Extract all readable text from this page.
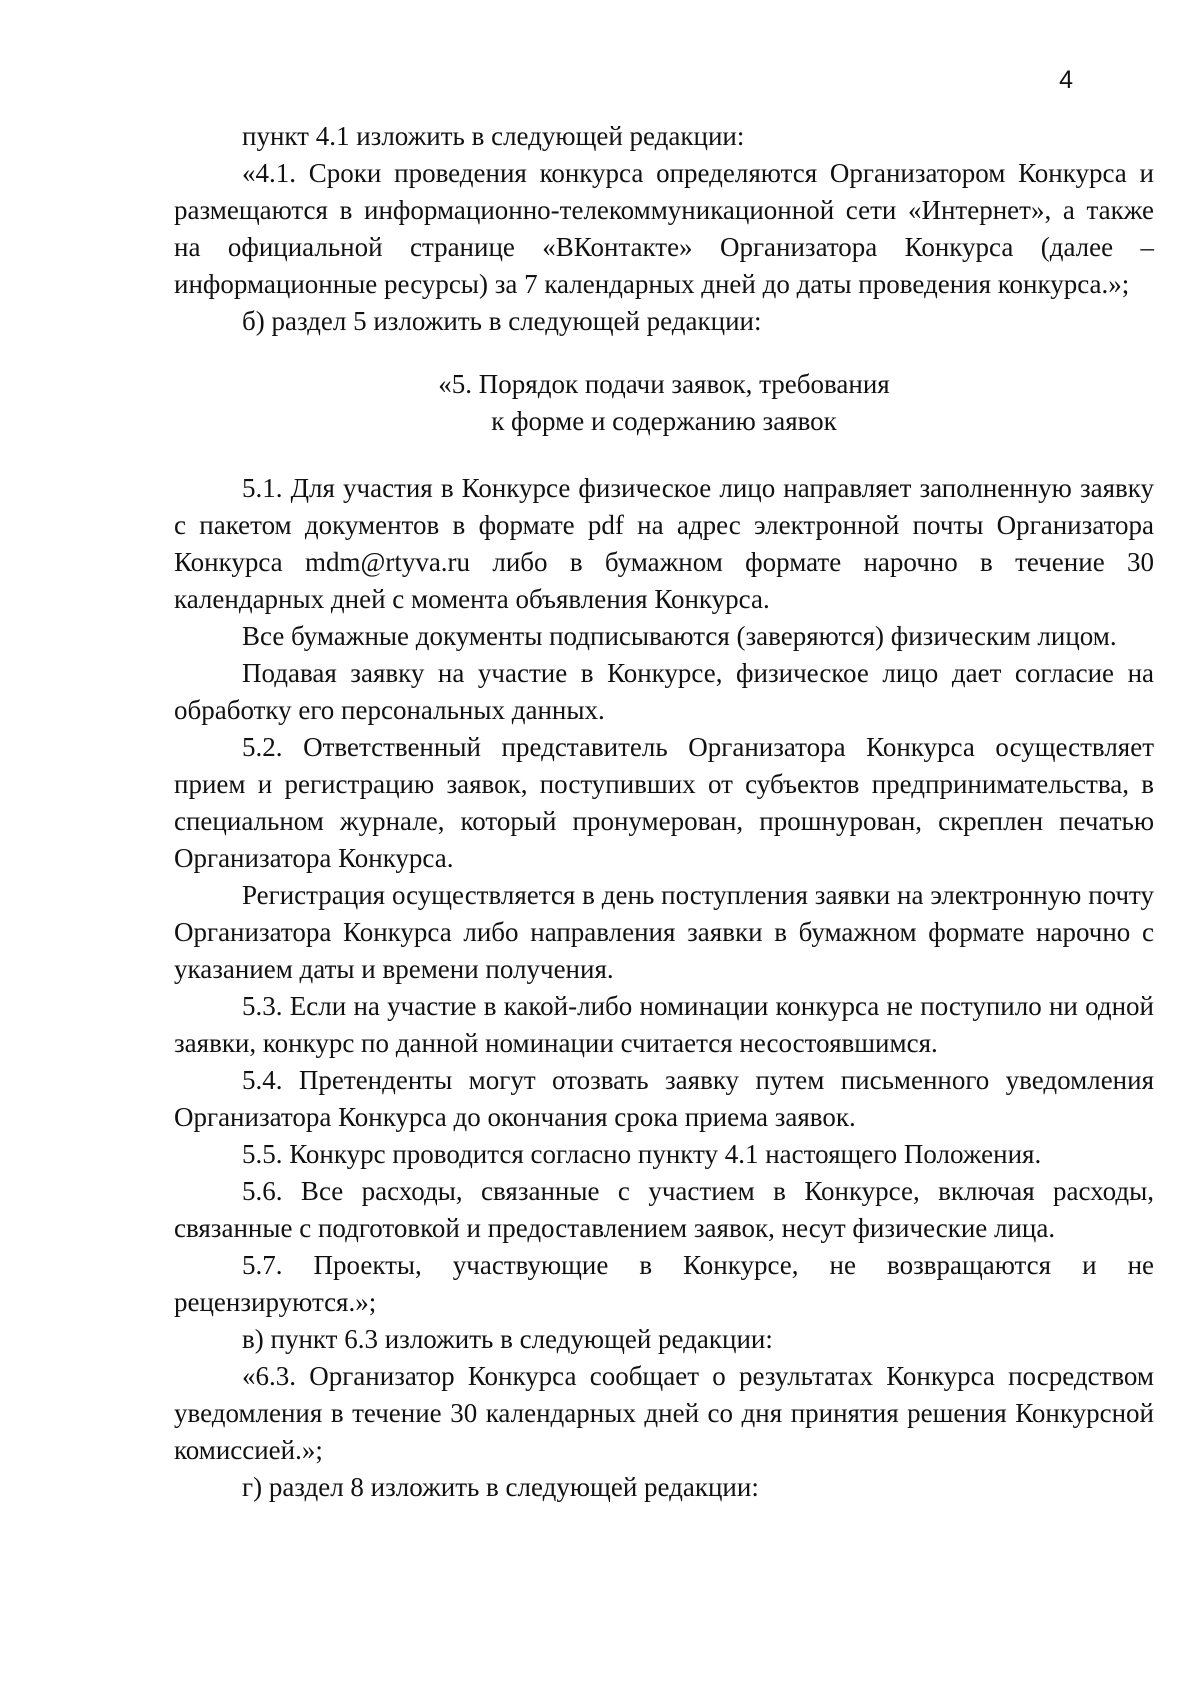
4

пункт 4.1 изложить в следующей редакции:

«4.1. Сроки проведения конкурса определяются Организатором Конкурса и размещаются в информационно-телекоммуникационной сети «Интернет», а также на официальной странице «ВКонтакте» Организатора Конкурса (далее – информационные ресурсы) за 7 календарных дней до даты проведения конкурса.»;

б) раздел 5 изложить в следующей редакции:

«5. Порядок подачи заявок, требования
к форме и содержанию заявок

5.1. Для участия в Конкурсе физическое лицо направляет заполненную заявку с пакетом документов в формате pdf на адрес электронной почты Организатора Конкурса mdm@rtyva.ru либо в бумажном формате нарочно в течение 30 календарных дней с момента объявления Конкурса.

Все бумажные документы подписываются (заверяются) физическим лицом.

Подавая заявку на участие в Конкурсе, физическое лицо дает согласие на обработку его персональных данных.

5.2. Ответственный представитель Организатора Конкурса осуществляет прием и регистрацию заявок, поступивших от субъектов предпринимательства, в специальном журнале, который пронумерован, прошнурован, скреплен печатью Организатора Конкурса.

Регистрация осуществляется в день поступления заявки на электронную почту Организатора Конкурса либо направления заявки в бумажном формате нарочно с указанием даты и времени получения.

5.3. Если на участие в какой-либо номинации конкурса не поступило ни одной заявки, конкурс по данной номинации считается несостоявшимся.

5.4. Претенденты могут отозвать заявку путем письменного уведомления Организатора Конкурса до окончания срока приема заявок.

5.5. Конкурс проводится согласно пункту 4.1 настоящего Положения.

5.6. Все расходы, связанные с участием в Конкурсе, включая расходы, связанные с подготовкой и предоставлением заявок, несут физические лица.

5.7. Проекты, участвующие в Конкурсе, не возвращаются и не рецензируются.»;

в) пункт 6.3 изложить в следующей редакции:

«6.3. Организатор Конкурса сообщает о результатах Конкурса посредством уведомления в течение 30 календарных дней со дня принятия решения Конкурсной комиссией.»;

г) раздел 8 изложить в следующей редакции:
